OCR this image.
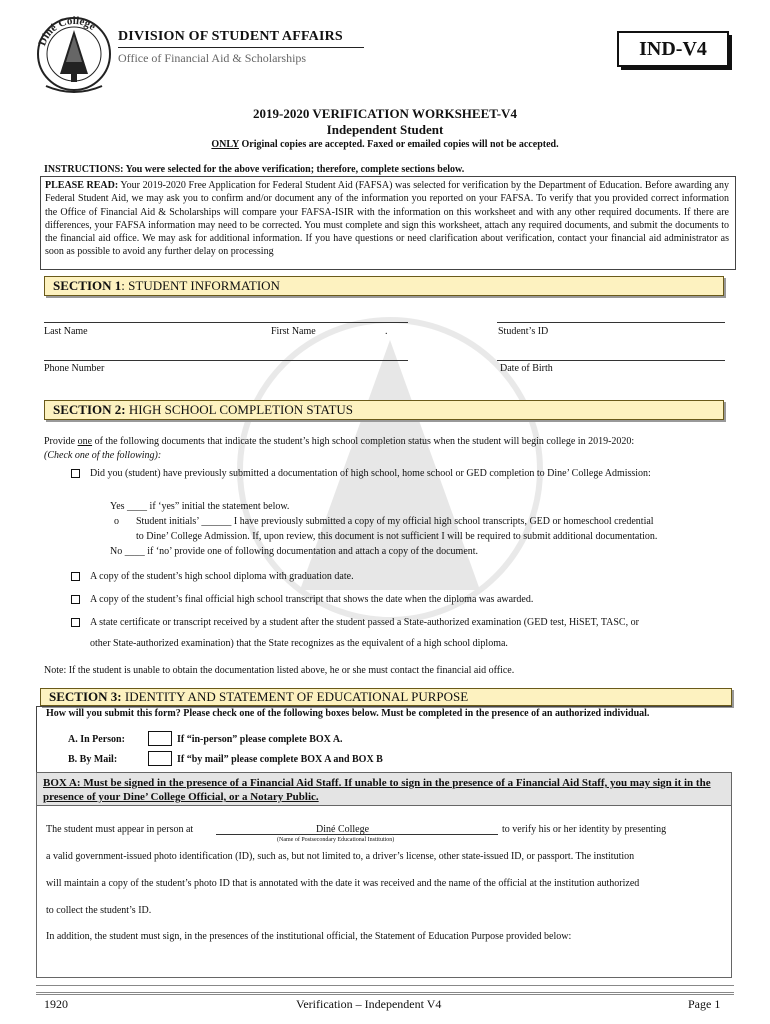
DIVISION OF STUDENT AFFAIRS
Office of Financial Aid & Scholarships	IND-V4
2019-2020 VERIFICATION WORKSHEET-V4
Independent Student
ONLY Original copies are accepted. Faxed or emailed copies will not be accepted.
INSTRUCTIONS: You were selected for the above verification; therefore, complete sections below.
PLEASE READ: Your 2019-2020 Free Application for Federal Student Aid (FAFSA) was selected for verification by the Department of Education. Before awarding any Federal Student Aid, we may ask you to confirm and/or document any of the information you reported on your FAFSA. To verify that you provided correct information the Office of Financial Aid & Scholarships will compare your FAFSA-ISIR with the information on this worksheet and with any other required documents. If there are differences, your FAFSA information may need to be corrected. You must complete and sign this worksheet, attach any required documents, and submit the documents to the financial aid office. We may ask for additional information. If you have questions or need clarification about verification, contact your financial aid administrator as soon as possible to avoid any further delay on processing
SECTION 1: STUDENT INFORMATION
Last Name	First Name	.	Student’s ID
Phone Number	Date of Birth
SECTION 2: HIGH SCHOOL COMPLETION STATUS
Provide one of the following documents that indicate the student’s high school completion status when the student will begin college in 2019-2020:
(Check one of the following):
Did you (student) have previously submitted a documentation of high school, home school or GED completion to Dine’ College Admission:
Yes ____ if ‘yes” initial the statement below.
o Student initials’ ______ I have previously submitted a copy of my official high school transcripts, GED or homeschool credential
to Dine’ College Admission. If, upon review, this document is not sufficient I will be required to submit additional documentation.
No ____ if ‘no’ provide one of following documentation and attach a copy of the document.
A copy of the student’s high school diploma with graduation date.
A copy of the student’s final official high school transcript that shows the date when the diploma was awarded.
A state certificate or transcript received by a student after the student passed a State-authorized examination (GED test, HiSET, TASC, or
other State-authorized examination) that the State recognizes as the equivalent of a high school diploma.
Note: If the student is unable to obtain the documentation listed above, he or she must contact the financial aid office.
SECTION 3: IDENTITY AND STATEMENT OF EDUCATIONAL PURPOSE
How will you submit this form? Please check one of the following boxes below. Must be completed in the presence of an authorized individual.
A. In Person:	If “in-person” please complete BOX A.
B. By Mail:	If “by mail” please complete BOX A and BOX B
BOX A: Must be signed in the presence of a Financial Aid Staff. If unable to sign in the presence of a Financial Aid Staff, you may sign it in the presence of your Dine’ College Official, or a Notary Public.
The student must appear in person at	Diné College	to verify his or her identity by presenting
(Name of Postsecondary Educational Institution)
a valid government-issued photo identification (ID), such as, but not limited to, a driver’s license, other state-issued ID, or passport. The institution
will maintain a copy of the student’s photo ID that is annotated with the date it was received and the name of the official at the institution authorized
to collect the student’s ID.
In addition, the student must sign, in the presences of the institutional official, the Statement of Education Purpose provided below:
1920	Verification – Independent V4	Page 1
Diné College
